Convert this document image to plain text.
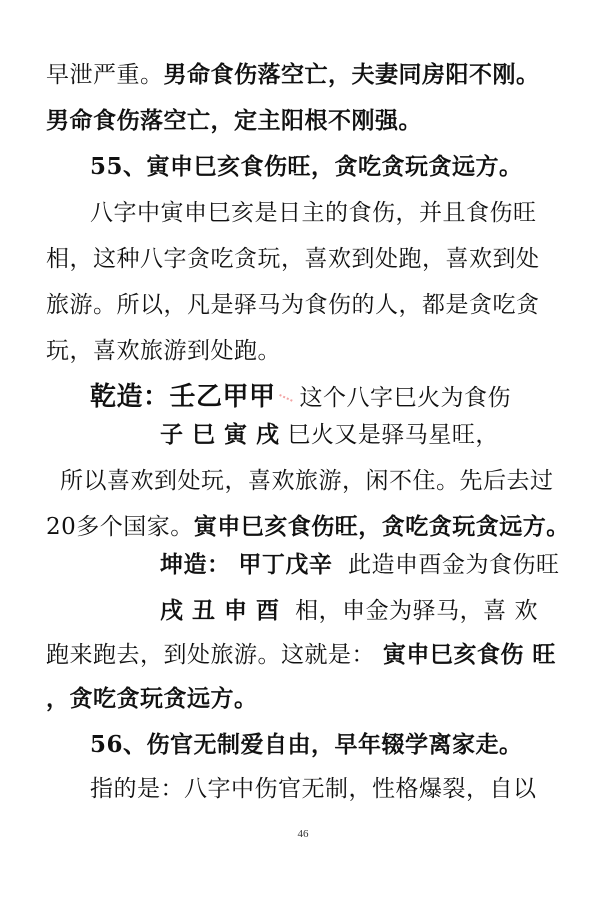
早泄严重。男命食伤落空亡，夫妻同房阳不刚。
男命食伤落空亡，定主阳根不刚强。
55、寅申巳亥食伤旺，贪吃贪玩贪远方。
八字中寅申巳亥是日主的食伤，并且食伤旺
相，这种八字贪吃贪玩，喜欢到处跑，喜欢到处
旅游。所以，凡是驿马为食伤的人，都是贪吃贪
玩，喜欢旅游到处跑。
乾造：壬乙甲甲 这个八字巳火为食伤
子 巳 寅 戌 巳火又是驿马星旺，
所以喜欢到处玩，喜欢旅游，闲不住。先后去过
20多个国家。寅申巳亥食伤旺，贪吃贪玩贪远方。
坤造： 甲丁戊辛 此造申酉金为食伤旺
戌 丑 申 酉 相，申金为驿马，喜 欢
跑来跑去，到处旅游。这就是： 寅申巳亥食伤 旺
，贪吃贪玩贪远方。
56、伤官无制爱自由，早年辍学离家走。
指的是：八字中伤官无制，性格爆裂，自以
46
